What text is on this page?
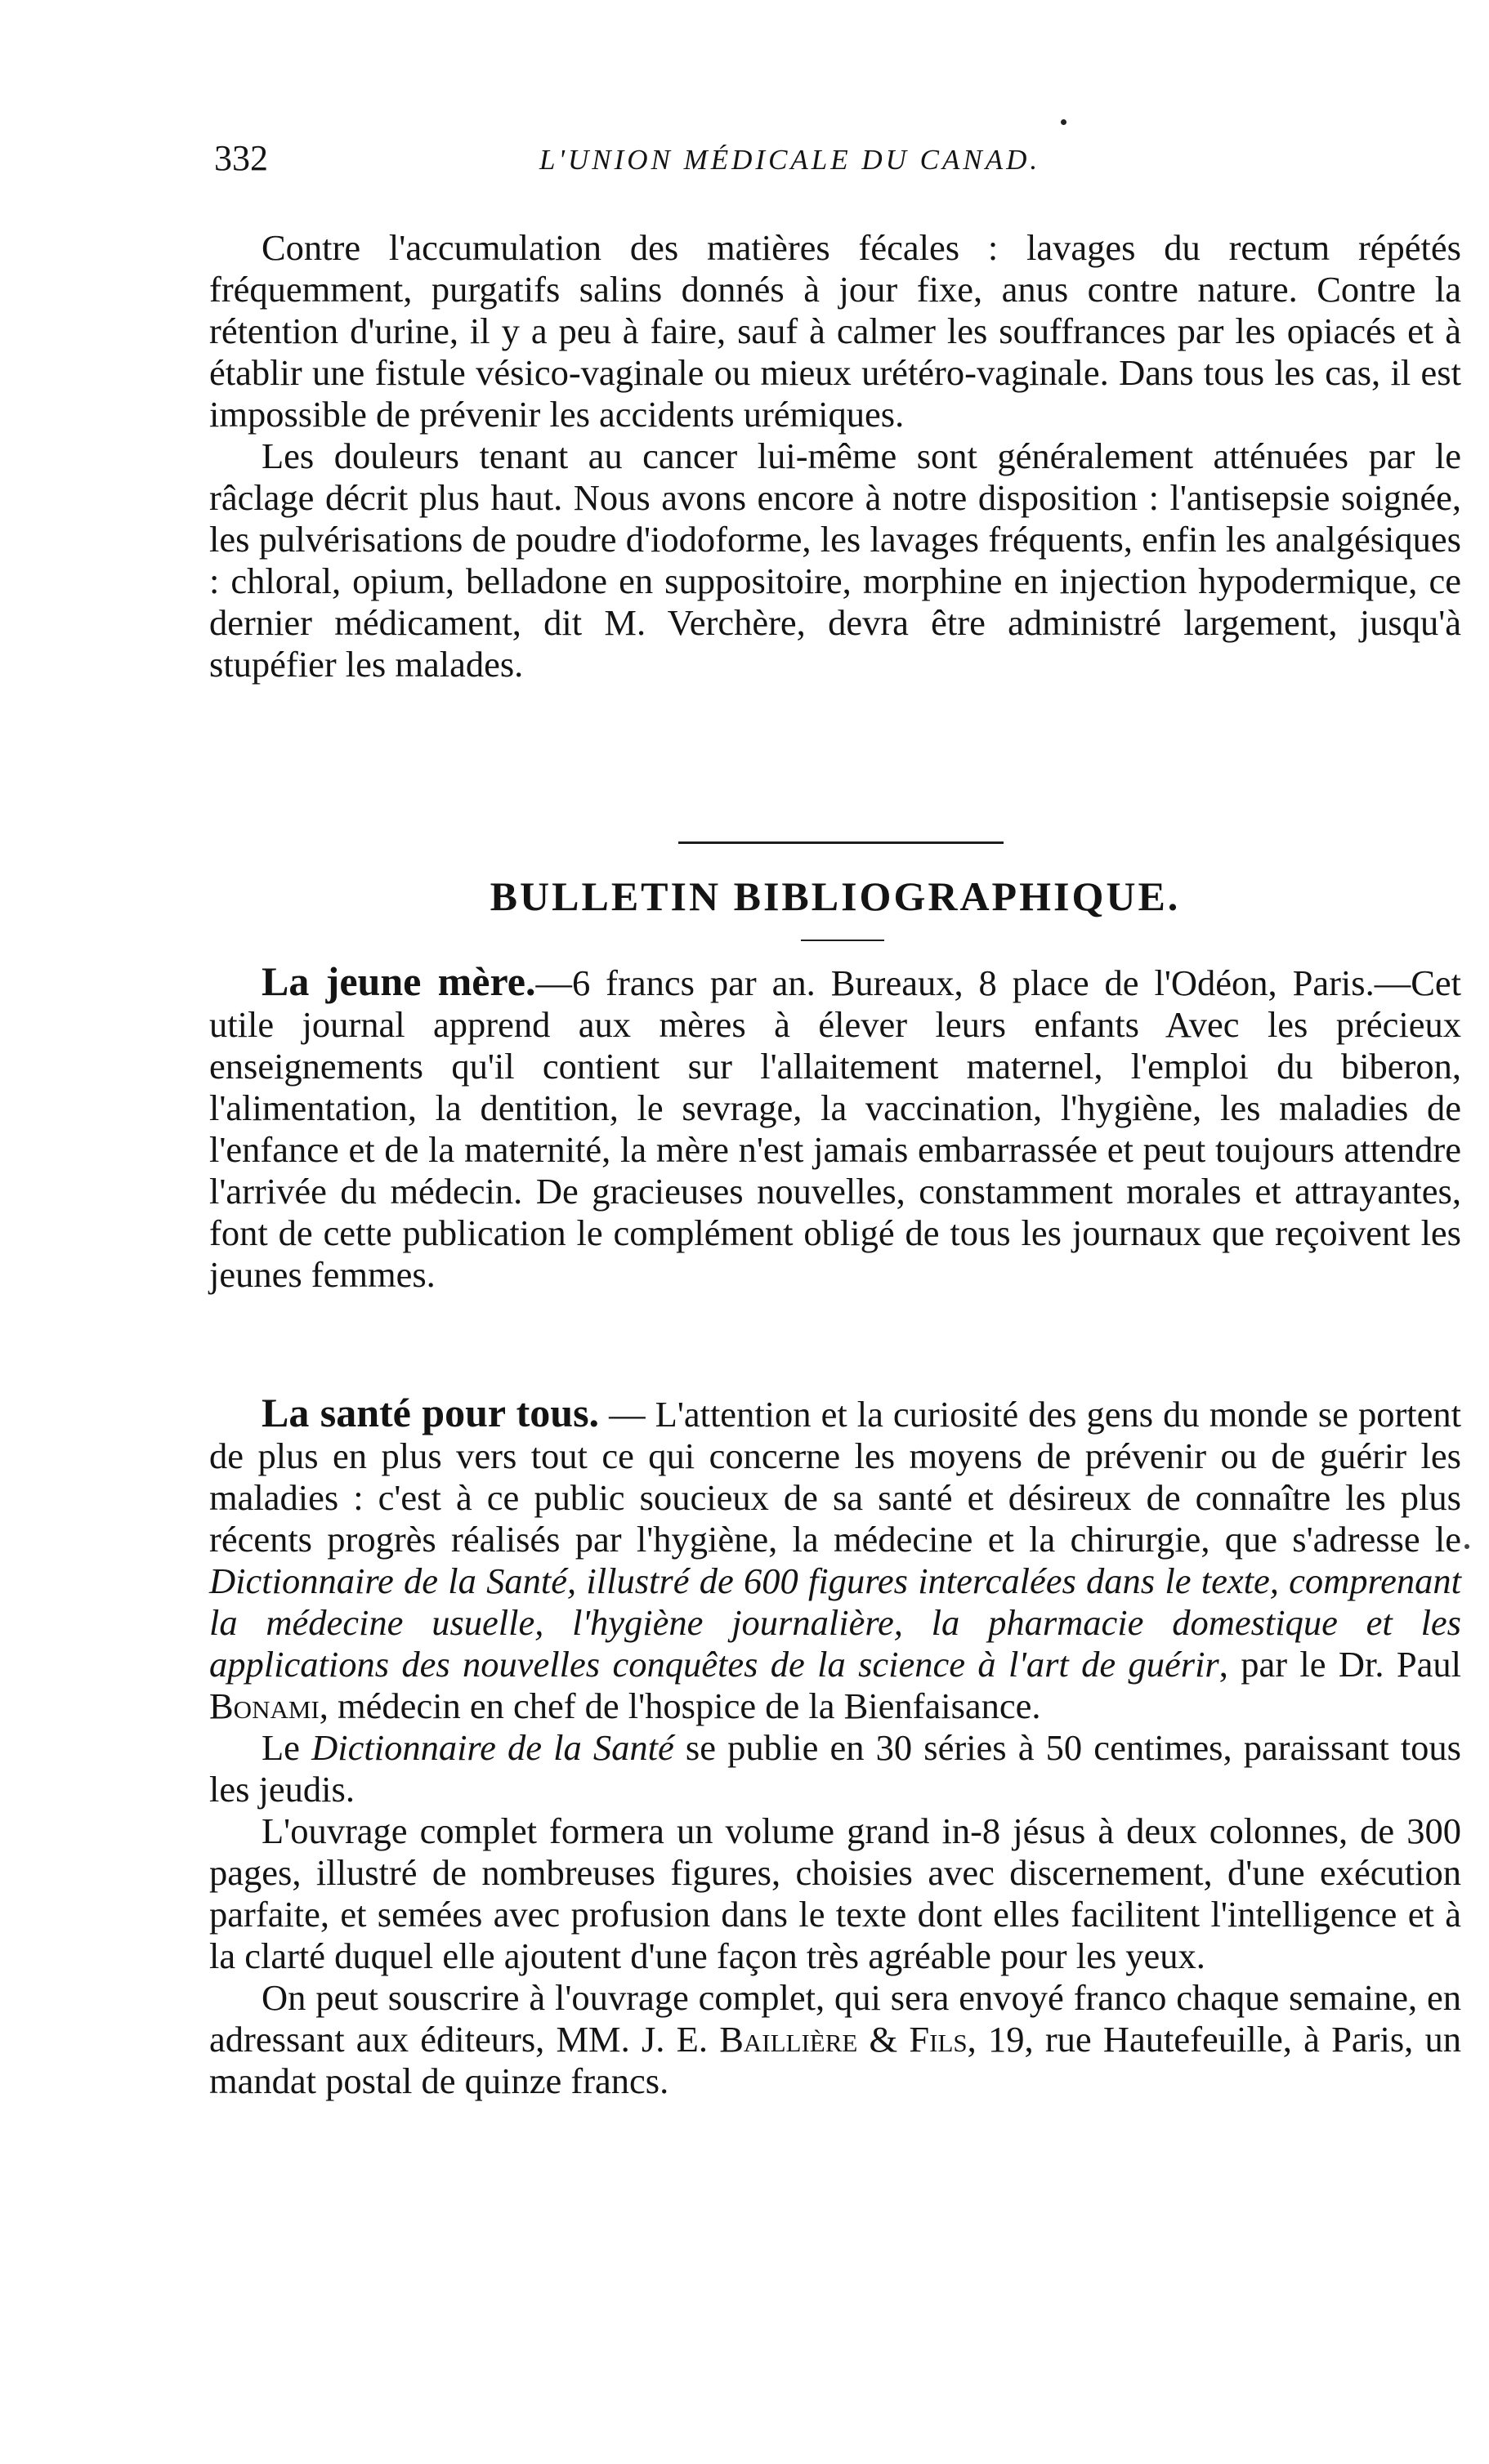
332	L'UNION MÉDICALE DU CANAD.

Contre l'accumulation des matières fécales : lavages du rectum répétés fréquemment, purgatifs salins donnés à jour fixe, anus contre nature. Contre la rétention d'urine, il y a peu à faire, sauf à calmer les souffrances par les opiacés et à établir une fistule vésico-vaginale ou mieux urétéro-vaginale. Dans tous les cas, il est impossible de prévenir les accidents urémiques.

Les douleurs tenant au cancer lui-même sont généralement atténuées par le râclage décrit plus haut. Nous avons encore à notre disposition : l'antisepsie soignée, les pulvérisations de poudre d'iodoforme, les lavages fréquents, enfin les analgésiques : chloral, opium, belladone en suppositoire, morphine en injection hypodermique, ce dernier médicament, dit M. Verchère, devra être administré largement, jusqu'à stupéfier les malades.

BULLETIN BIBLIOGRAPHIQUE.

La jeune mère.—6 francs par an. Bureaux, 8 place de l'Odéon, Paris.—Cet utile journal apprend aux mères à élever leurs enfants Avec les précieux enseignements qu'il contient sur l'allaitement maternel, l'emploi du biberon, l'alimentation, la dentition, le sevrage, la vaccination, l'hygiène, les maladies de l'enfance et de la maternité, la mère n'est jamais embarrassée et peut toujours attendre l'arrivée du médecin. De gracieuses nouvelles, constamment morales et attrayantes, font de cette publication le complément obligé de tous les journaux que reçoivent les jeunes femmes.

La santé pour tous. — L'attention et la curiosité des gens du monde se portent de plus en plus vers tout ce qui concerne les moyens de prévenir ou de guérir les maladies : c'est à ce public soucieux de sa santé et désireux de connaître les plus récents progrès réalisés par l'hygiène, la médecine et la chirurgie, que s'adresse le Dictionnaire de la Santé, illustré de 600 figures intercalées dans le texte, comprenant la médecine usuelle, l'hygiène journalière, la pharmacie domestique et les applications des nouvelles conquêtes de la science à l'art de guérir, par le Dr. Paul Bonami, médecin en chef de l'hospice de la Bienfaisance.

Le Dictionnaire de la Santé se publie en 30 séries à 50 centimes, paraissant tous les jeudis.

L'ouvrage complet formera un volume grand in-8 jésus à deux colonnes, de 300 pages, illustré de nombreuses figures, choisies avec discernement, d'une exécution parfaite, et semées avec profusion dans le texte dont elles facilitent l'intelligence et à la clarté duquel elle ajoutent d'une façon très agréable pour les yeux.

On peut souscrire à l'ouvrage complet, qui sera envoyé franco chaque semaine, en adressant aux éditeurs, MM. J. E. Baillière & Fils, 19, rue Hautefeuille, à Paris, un mandat postal de quinze francs.
